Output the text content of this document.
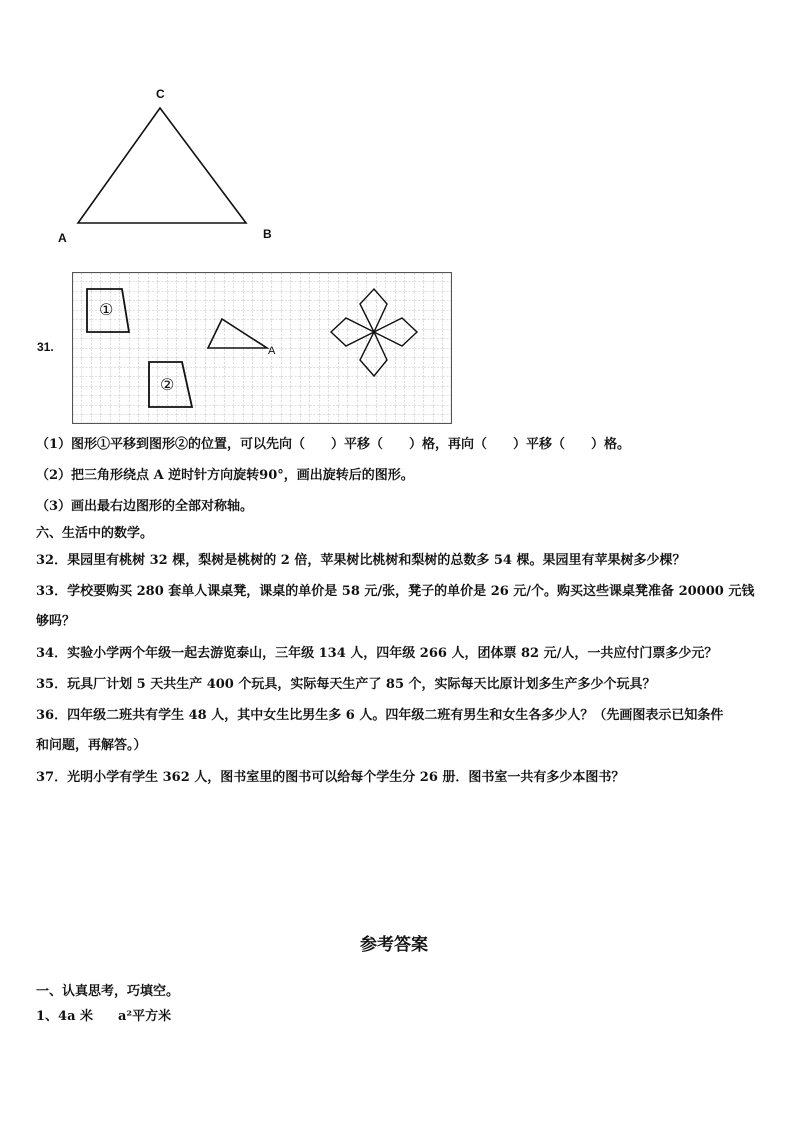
C
A	B
31.
①
②
A
（1）图形①平移到图形②的位置，可以先向（　　）平移（　　）格，再向（　　）平移（　　）格。
（2）把三角形绕点 A 逆时针方向旋转90°，画出旋转后的图形。
（3）画出最右边图形的全部对称轴。
六、生活中的数学。
32．果园里有桃树 32 棵，梨树是桃树的 2 倍，苹果树比桃树和梨树的总数多 54 棵。果园里有苹果树多少棵？
33．学校要购买 280 套单人课桌凳，课桌的单价是 58 元/张，凳子的单价是 26 元/个。购买这些课桌凳准备 20000 元钱
够吗？
34．实验小学两个年级一起去游览泰山，三年级 134 人，四年级 266 人，团体票 82 元/人，一共应付门票多少元？
35．玩具厂计划 5 天共生产 400 个玩具，实际每天生产了 85 个，实际每天比原计划多生产多少个玩具？
36．四年级二班共有学生 48 人，其中女生比男生多 6 人。四年级二班有男生和女生各多少人？（先画图表示已知条件
和问题，再解答。）
37．光明小学有学生 362 人，图书室里的图书可以给每个学生分 26 册．图书室一共有多少本图书？
参考答案
一、认真思考，巧填空。
1、4a 米 a²平方米
